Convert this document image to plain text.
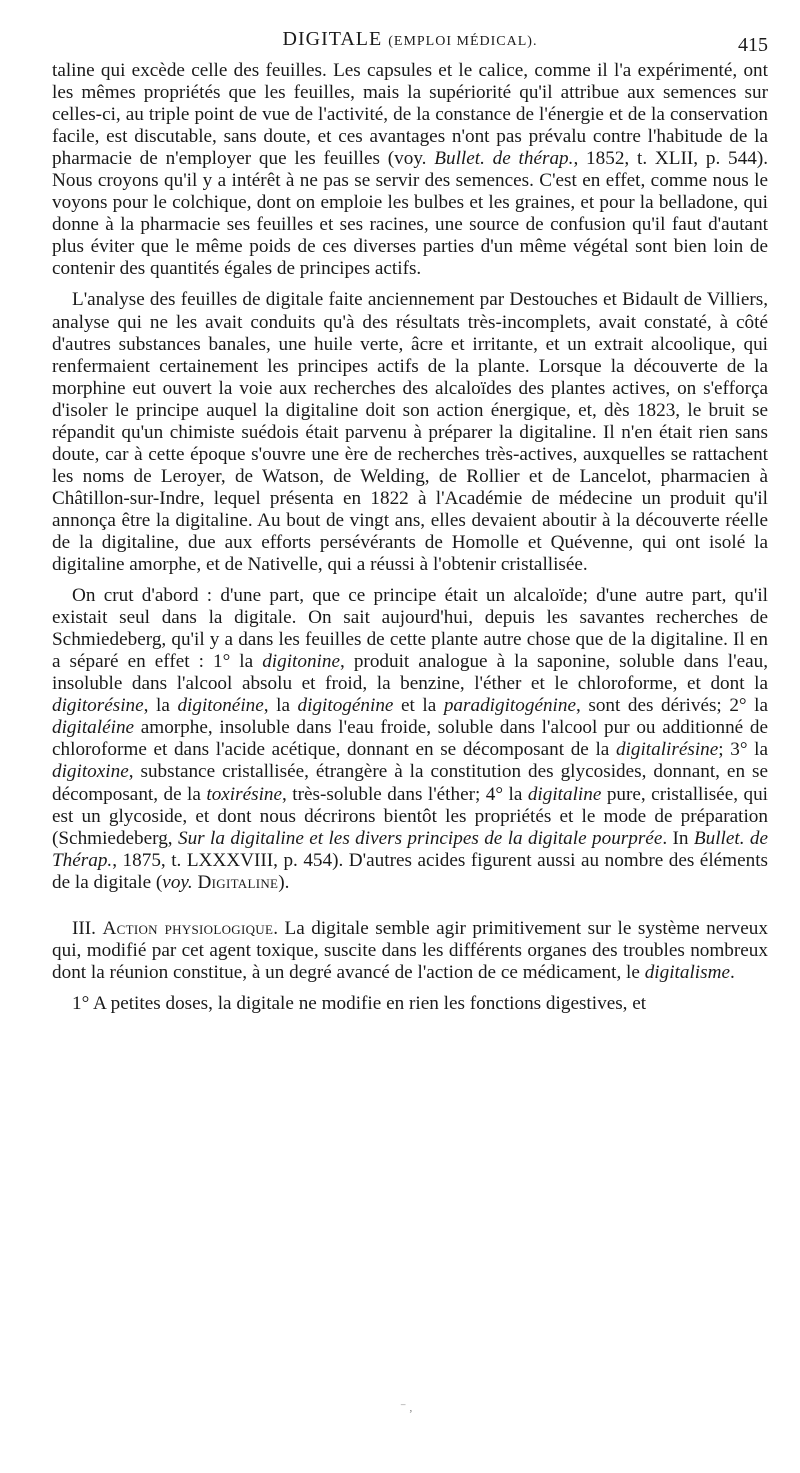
DIGITALE (EMPLOI MÉDICAL).	415

taline qui excède celle des feuilles. Les capsules et le calice, comme il l'a expérimenté, ont les mêmes propriétés que les feuilles, mais la supériorité qu'il attribue aux semences sur celles-ci, au triple point de vue de l'activité, de la constance de l'énergie et de la conservation facile, est discutable, sans doute, et ces avantages n'ont pas prévalu contre l'habitude de la pharmacie de n'employer que les feuilles (voy. Bullet. de thérap., 1852, t. XLII, p. 544). Nous croyons qu'il y a intérêt à ne pas se servir des semences. C'est en effet, comme nous le voyons pour le colchique, dont on emploie les bulbes et les graines, et pour la belladone, qui donne à la pharmacie ses feuilles et ses racines, une source de confusion qu'il faut d'autant plus éviter que le même poids de ces diverses parties d'un même végétal sont bien loin de contenir des quantités égales de principes actifs.

L'analyse des feuilles de digitale faite anciennement par Destouches et Bidault de Villiers, analyse qui ne les avait conduits qu'à des résultats très-incomplets, avait constaté, à côté d'autres substances banales, une huile verte, âcre et irritante, et un extrait alcoolique, qui renfermaient certainement les principes actifs de la plante. Lorsque la découverte de la morphine eut ouvert la voie aux recherches des alcaloïdes des plantes actives, on s'efforça d'isoler le principe auquel la digitaline doit son action énergique, et, dès 1823, le bruit se répandit qu'un chimiste suédois était parvenu à préparer la digitaline. Il n'en était rien sans doute, car à cette époque s'ouvre une ère de recherches très-actives, auxquelles se rattachent les noms de Leroyer, de Watson, de Welding, de Rollier et de Lancelot, pharmacien à Châtillon-sur-Indre, lequel présenta en 1822 à l'Académie de médecine un produit qu'il annonça être la digitaline. Au bout de vingt ans, elles devaient aboutir à la découverte réelle de la digitaline, due aux efforts persévérants de Homolle et Quévenne, qui ont isolé la digitaline amorphe, et de Nativelle, qui a réussi à l'obtenir cristallisée.

On crut d'abord : d'une part, que ce principe était un alcaloïde; d'une autre part, qu'il existait seul dans la digitale. On sait aujourd'hui, depuis les savantes recherches de Schmiedeberg, qu'il y a dans les feuilles de cette plante autre chose que de la digitaline. Il en a séparé en effet : 1° la digitonine, produit analogue à la saponine, soluble dans l'eau, insoluble dans l'alcool absolu et froid, la benzine, l'éther et le chloroforme, et dont la digitorésine, la digitonéine, la digitogénine et la paradigitogénine, sont des dérivés; 2° la digitaléine amorphe, insoluble dans l'eau froide, soluble dans l'alcool pur ou additionné de chloroforme et dans l'acide acétique, donnant en se décomposant de la digitalirésine; 3° la digitoxine, substance cristallisée, étrangère à la constitution des glycosides, donnant, en se décomposant, de la toxirésine, très-soluble dans l'éther; 4° la digitaline pure, cristallisée, qui est un glycoside, et dont nous décrirons bientôt les propriétés et le mode de préparation (Schmiedeberg, Sur la digitaline et les divers principes de la digitale pourprée. In Bullet. de Thérap., 1875, t. LXXXVIII, p. 454). D'autres acides figurent aussi au nombre des éléments de la digitale (voy. Digitaline).

III. Action physiologique. La digitale semble agir primitivement sur le système nerveux qui, modifié par cet agent toxique, suscite dans les différents organes des troubles nombreux dont la réunion constitue, à un degré avancé de l'action de ce médicament, le digitalisme.

1° A petites doses, la digitale ne modifie en rien les fonctions digestives, et

⁻ ,
